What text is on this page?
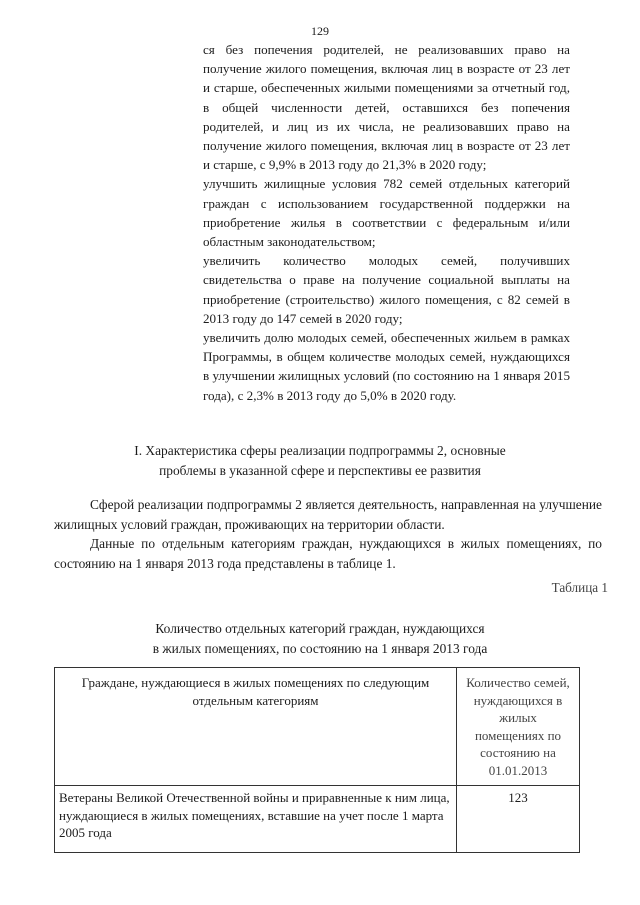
129

ся без попечения родителей, не реализовавших право на получение жилого помещения, включая лиц в возрасте от 23 лет и старше, обеспеченных жилыми помещениями за отчетный год, в общей численности детей, оставшихся без попечения родителей, и лиц из их числа, не реализовавших право на получение жилого помещения, включая лиц в возрасте от 23 лет и старше, с 9,9% в 2013 году до 21,3% в 2020 году;

улучшить жилищные условия 782 семей отдельных категорий граждан с использованием государственной поддержки на приобретение жилья в соответствии с федеральным и/или областным законодательством;

увеличить количество молодых семей, получивших свидетельства о праве на получение социальной выплаты на приобретение (строительство) жилого помещения, с 82 семей в 2013 году до 147 семей в 2020 году;

увеличить долю молодых семей, обеспеченных жильем в рамках Программы, в общем количестве молодых семей, нуждающихся в улучшении жилищных условий (по состоянию на 1 января 2015 года), с 2,3% в 2013 году до 5,0% в 2020 году.

I. Характеристика сферы реализации подпрограммы 2, основные
проблемы в указанной сфере и перспективы ее развития

Сферой реализации подпрограммы 2 является деятельность, направленная на улучшение жилищных условий граждан, проживающих на территории области.

Данные по отдельным категориям граждан, нуждающихся в жилых помещениях, по состоянию на 1 января 2013 года представлены в таблице 1.

Таблица 1
Количество отдельных категорий граждан, нуждающихся
в жилых помещениях, по состоянию на 1 января 2013 года
Граждане, нуждающиеся в жилых помещениях по следующим отдельным категориям	Количество семей, нуждающихся в жилых помещениях по состоянию на 01.01.2013
Ветераны Великой Отечественной войны и приравненные к ним лица, нуждающиеся в жилых помещениях, вставшие на учет после 1 марта 2005 года	123
